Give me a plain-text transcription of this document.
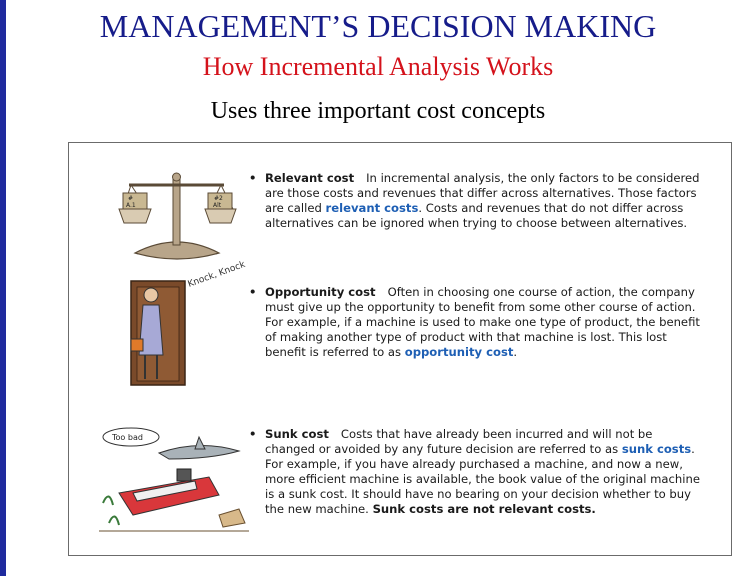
MANAGEMENT’S DECISION MAKING
How Incremental Analysis Works
Uses three important cost concepts
#
A.1
#2
Alt
Knock, Knock
Too bad
• Relevant cost In incremental analysis, the only factors to be considered are those costs and revenues that differ across alternatives. Those factors are called relevant costs. Costs and revenues that do not differ across alternatives can be ignored when trying to choose between alternatives.
• Opportunity cost Often in choosing one course of action, the company must give up the opportunity to benefit from some other course of action. For example, if a machine is used to make one type of product, the benefit of making another type of product with that machine is lost. This lost benefit is referred to as opportunity cost.
• Sunk cost Costs that have already been incurred and will not be changed or avoided by any future decision are referred to as sunk costs. For example, if you have already purchased a machine, and now a new, more efficient machine is available, the book value of the original machine is a sunk cost. It should have no bearing on your decision whether to buy the new machine. Sunk costs are not relevant costs.
